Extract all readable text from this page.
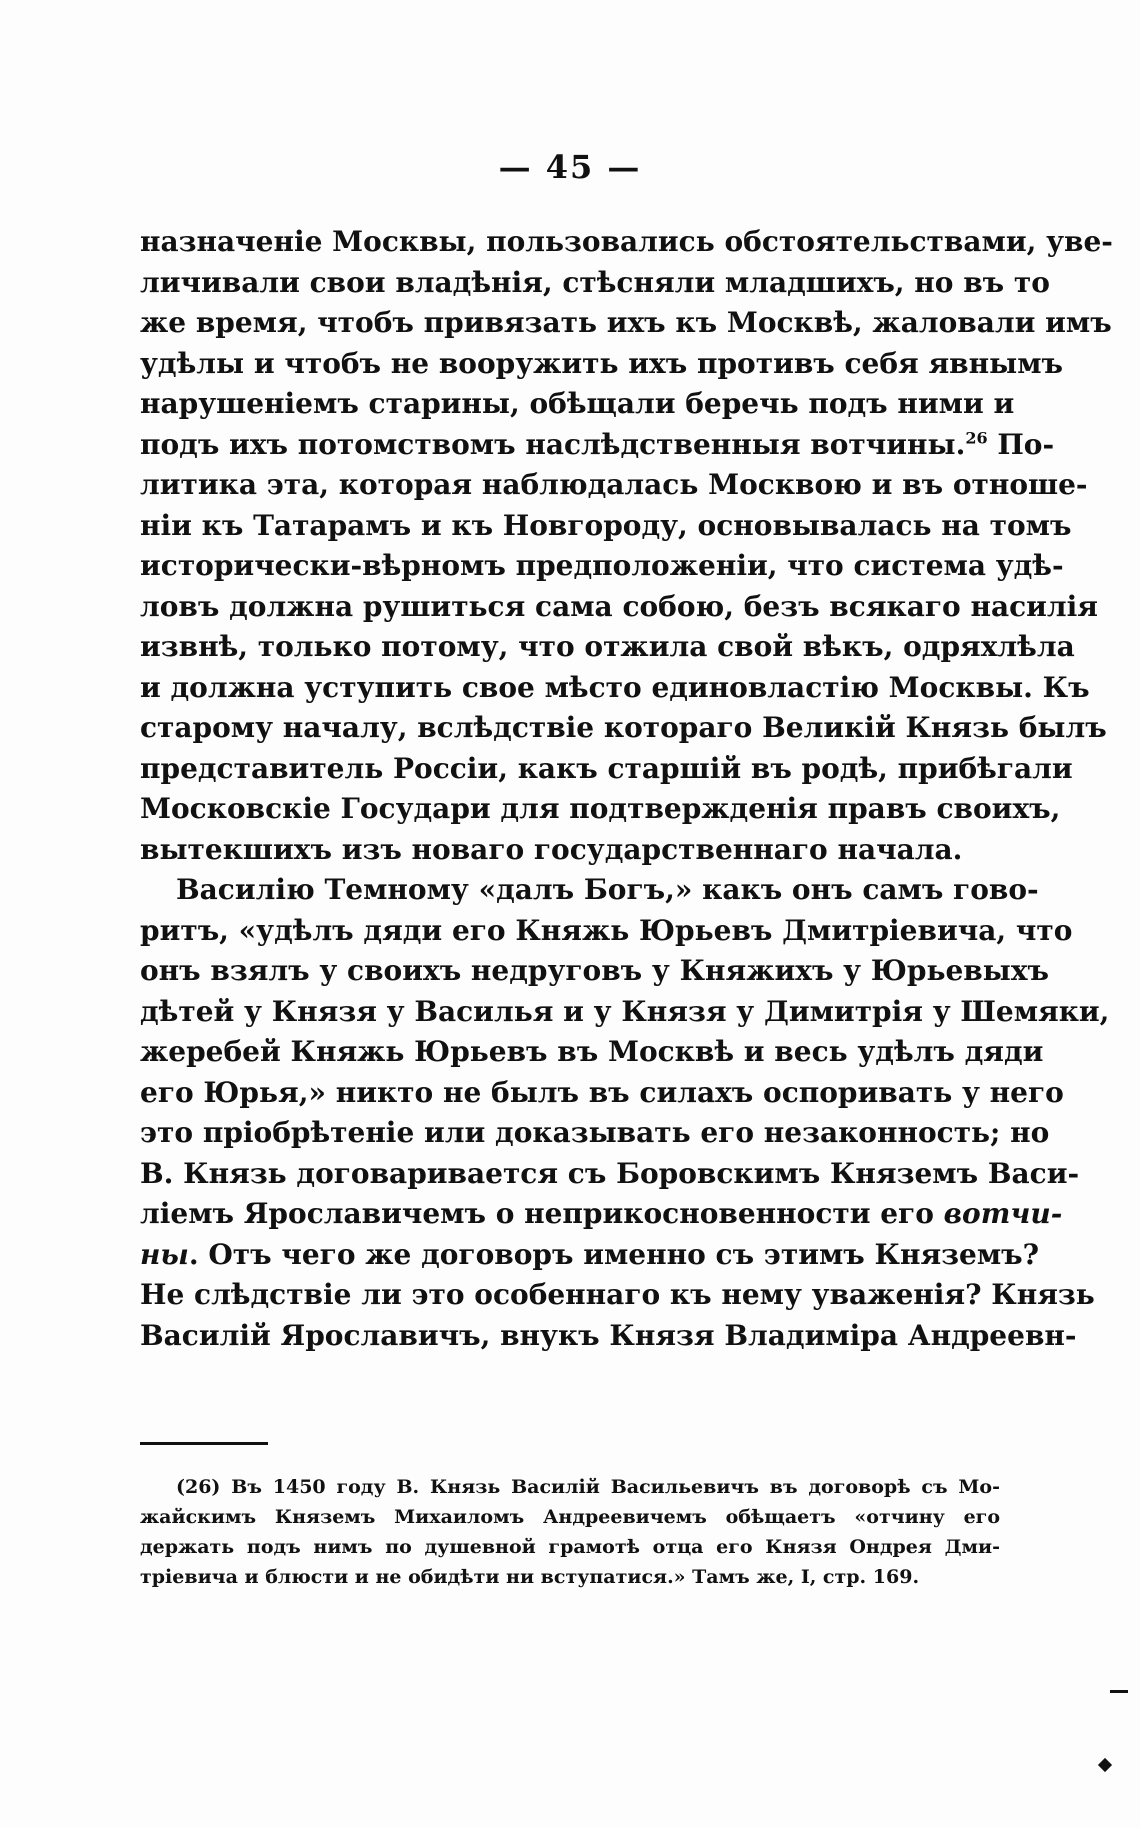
— 45 —
назначеніе Москвы, пользовались обстоятельствами, уве-
личивали свои владѣнія, стѣсняли младшихъ, но въ то
же время, чтобъ привязать ихъ къ Москвѣ, жаловали имъ
удѣлы и чтобъ не вооружить ихъ противъ себя явнымъ
нарушеніемъ старины, обѣщали беречь подъ ними и
подъ ихъ потомствомъ наслѣдственныя вотчины.$^{26}$ По-
литика эта, которая наблюдалась Москвою и въ отноше-
ніи къ Татарамъ и къ Новгороду, основывалась на томъ
исторически-вѣрномъ предположеніи, что система удѣ-
ловъ должна рушиться сама собою, безъ всякаго насилія
извнѣ, только потому, что отжила свой вѣкъ, одряхлѣла
и должна уступить свое мѣсто единовластію Москвы. Къ
старому началу, вслѣдствіе котораго Великій Князь былъ
представитель Россіи, какъ старшій въ родѣ, прибѣгали
Московскіе Государи для подтвержденія правъ своихъ,
вытекшихъ изъ новаго государственнаго начала.
Василію Темному «далъ Богъ,» какъ онъ самъ гово-
ритъ, «удѣлъ дяди его Княжь Юрьевъ Дмитріевича, что
онъ взялъ у своихъ недруговъ у Княжихъ у Юрьевыхъ
дѣтей у Князя у Василья и у Князя у Димитрія у Шемяки,
жеребей Княжь Юрьевъ въ Москвѣ и весь удѣлъ дяди
его Юрья,» никто не былъ въ силахъ оспоривать у него
это пріобрѣтеніе или доказывать его незаконность; но
В. Князь договаривается съ Боровскимъ Княземъ Васи-
ліемъ Ярославичемъ о неприкосновенности его вотчи-
ны. Отъ чего же договоръ именно съ этимъ Княземъ?
Не слѣдствіе ли это особеннаго къ нему уваженія? Князь
Василій Ярославичъ, внукъ Князя Владиміра Андреевн-
(26) Въ 1450 году В. Князь Василій Васильевичъ въ договорѣ съ Мо-
жайскимъ Княземъ Михаиломъ Андреевичемъ обѣщаетъ «отчину его
держать подъ нимъ по душевной грамотѣ отца его Князя Ондрея Дми-
тріевича и блюсти и не обидѣти ни вступатися.» Тамъ же, I, стр. 169.
